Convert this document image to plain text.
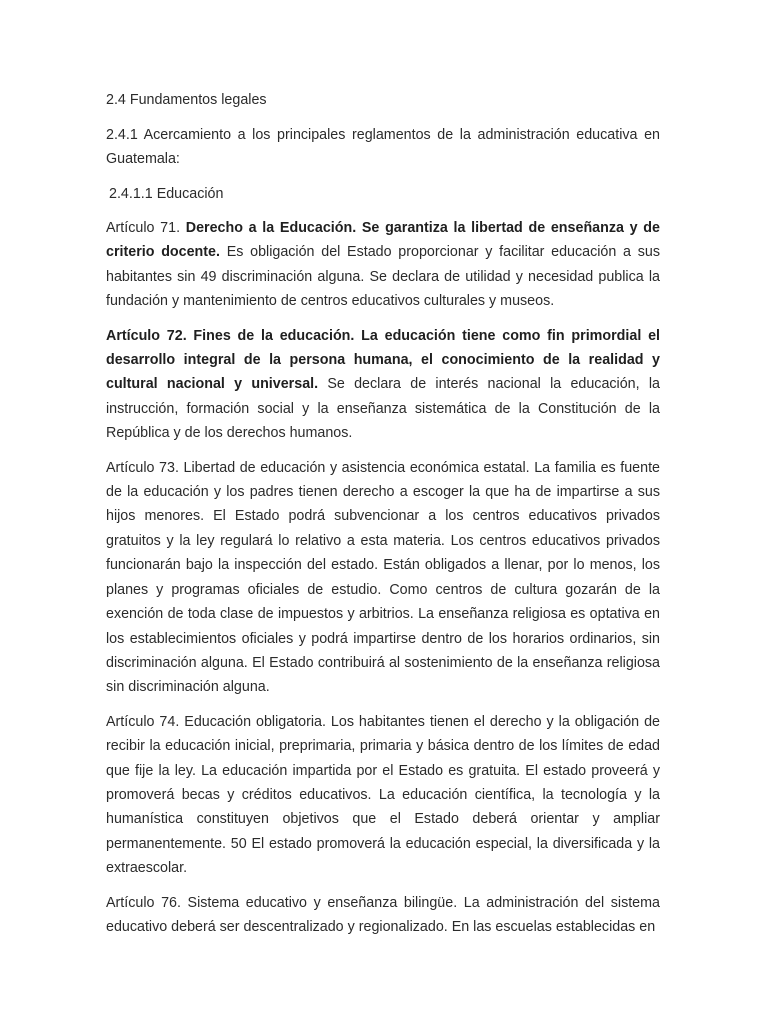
2.4 Fundamentos legales

2.4.1 Acercamiento a los principales reglamentos de la administración educativa en Guatemala:

2.4.1.1 Educación

Artículo 71. Derecho a la Educación. Se garantiza la libertad de enseñanza y de criterio docente. Es obligación del Estado proporcionar y facilitar educación a sus habitantes sin 49 discriminación alguna. Se declara de utilidad y necesidad publica la fundación y mantenimiento de centros educativos culturales y museos.

Artículo 72. Fines de la educación. La educación tiene como fin primordial el desarrollo integral de la persona humana, el conocimiento de la realidad y cultural nacional y universal. Se declara de interés nacional la educación, la instrucción, formación social y la enseñanza sistemática de la Constitución de la República y de los derechos humanos.

Artículo 73. Libertad de educación y asistencia económica estatal. La familia es fuente de la educación y los padres tienen derecho a escoger la que ha de impartirse a sus hijos menores. El Estado podrá subvencionar a los centros educativos privados gratuitos y la ley regulará lo relativo a esta materia. Los centros educativos privados funcionarán bajo la inspección del estado. Están obligados a llenar, por lo menos, los planes y programas oficiales de estudio. Como centros de cultura gozarán de la exención de toda clase de impuestos y arbitrios. La enseñanza religiosa es optativa en los establecimientos oficiales y podrá impartirse dentro de los horarios ordinarios, sin discriminación alguna. El Estado contribuirá al sostenimiento de la enseñanza religiosa sin discriminación alguna.

Artículo 74. Educación obligatoria. Los habitantes tienen el derecho y la obligación de recibir la educación inicial, preprimaria, primaria y básica dentro de los límites de edad que fije la ley. La educación impartida por el Estado es gratuita. El estado proveerá y promoverá becas y créditos educativos. La educación científica, la tecnología y la humanística constituyen objetivos que el Estado deberá orientar y ampliar permanentemente. 50 El estado promoverá la educación especial, la diversificada y la extraescolar.

Artículo 76. Sistema educativo y enseñanza bilingüe. La administración del sistema educativo deberá ser descentralizado y regionalizado. En las escuelas establecidas en
